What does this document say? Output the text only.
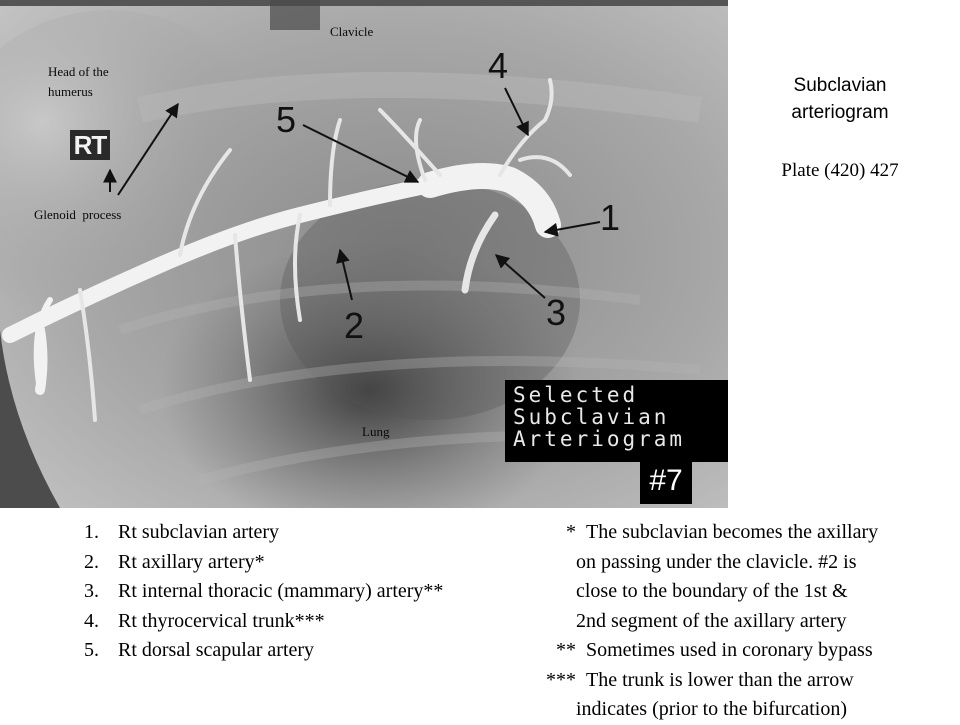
Clavicle
Head of the humerus
Glenoid  process
Lung
RT
1
2	3
4
5
Selected
Subclavian
Arteriogram
#7
Subclavian
arteriogram
Plate (420) 427
1. Rt subclavian artery
2. Rt axillary artery*
3. Rt internal thoracic (mammary) artery**
4. Rt thyrocervical trunk***
5. Rt dorsal scapular artery
* The subclavian becomes the axillary
on passing under the clavicle. #2 is
close to the boundary of the 1st &
2nd segment of the axillary artery
** Sometimes used in coronary bypass
*** The trunk is lower than the arrow
indicates (prior to the bifurcation)
